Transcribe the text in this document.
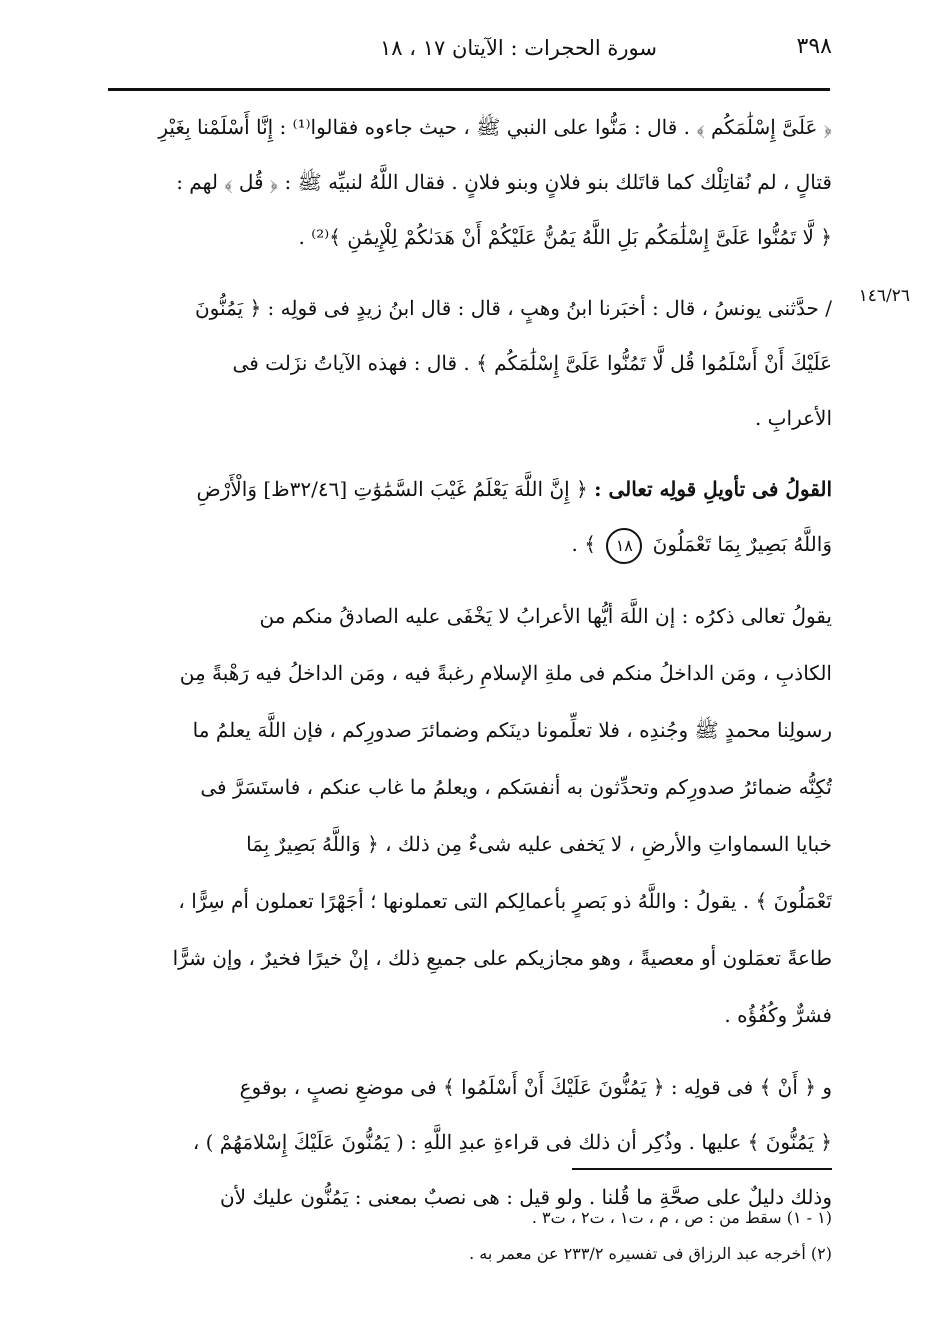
سورة الحجرات : الآيتان ١٧ ، ١٨	٣٩٨
١٤٦/٢٦
﴿ عَلَىَّ إِسْلَٰمَكُم ﴾ . قال : مَنُّوا على النبي ﷺ ، حيث جاءوه فقالوا⁽¹⁾ : إِنَّا أَسْلَمْنا بِغَيْرِ
قتالٍ ، لم نُقاتِلْك كما قاتَلك بنو فلانٍ وبنو فلانٍ . فقال اللَّهُ لنبيِّه ﷺ : ﴿ قُل ﴾ لهم :
﴿ لَّا تَمُنُّوا عَلَىَّ إِسْلَٰمَكُم بَلِ اللَّهُ يَمُنُّ عَلَيْكُمْ أَنْ هَدَىٰكُمْ لِلْإِيمَٰنِ ﴾⁽²⁾ .
/ حدَّثنى يونسُ ، قال : أخبَرنا ابنُ وهبٍ ، قال : قال ابنُ زيدٍ فى قولِه : ﴿ يَمُنُّونَ
عَلَيْكَ أَنْ أَسْلَمُوا قُل لَّا تَمُنُّوا عَلَىَّ إِسْلَٰمَكُم ﴾ . قال : فهذه الآياتُ نزَلت فى
الأعرابِ .
القولُ فى تأويلِ قولِه تعالى : ﴿ إِنَّ اللَّهَ يَعْلَمُ غَيْبَ السَّمَٰوَٰتِ [٣٢/٤٦ظ] وَالْأَرْضِ
وَاللَّهُ بَصِيرٌ بِمَا تَعْمَلُونَ ١٨ ﴾ .
يقولُ تعالى ذكرُه : إن اللَّهَ أيُّها الأعرابُ لا يَخْفَى عليه الصادقُ منكم من
الكاذبِ ، ومَن الداخلُ منكم فى ملةِ الإسلامِ رغبةً فيه ، ومَن الداخلُ فيه رَهْبةً مِن
رسولِنا محمدٍ ﷺ وجُندِه ، فلا تعلِّمونا دينَكم وضمائرَ صدورِكم ، فإن اللَّهَ يعلمُ ما
تُكِنُّه ضمائرُ صدورِكم وتحدِّثون به أنفسَكم ، ويعلمُ ما غاب عنكم ، فاستَسَرَّ فى
خبايا السماواتِ والأرضِ ، لا يَخفى عليه شىءٌ مِن ذلك ، ﴿ وَاللَّهُ بَصِيرٌ بِمَا
تَعْمَلُونَ ﴾ . يقولُ : واللَّهُ ذو بَصرٍ بأعمالِكم التى تعملونها ؛ أجَهْرًا تعملون أم سِرًّا ،
طاعةً تعمَلون أو معصيةً ، وهو مجازيكم على جميعِ ذلك ، إنْ خيرًا فخيرٌ ، وإن شرًّا
فشرٌّ وكُفُؤُه .
و ﴿ أَنْ ﴾ فى قولِه : ﴿ يَمُنُّونَ عَلَيْكَ أَنْ أَسْلَمُوا ﴾ فى موضعِ نصبٍ ، بوقوعِ
﴿ يَمُنُّونَ ﴾ عليها . وذُكِر أن ذلك فى قراءةِ عبدِ اللَّهِ : ( يَمُنُّونَ عَلَيْكَ إِسْلامَهُمْ ) ،
وذلك دليلٌ على صحَّةِ ما قُلنا . ولو قيل : هى نصبٌ بمعنى : يَمُنُّون عليك لأن
(١ - ١) سقط من : ص ، م ، ت١ ، ت٢ ، ت٣ .
(٢) أخرجه عبد الرزاق فى تفسيره ٢٣٣/٢ عن معمر به .
